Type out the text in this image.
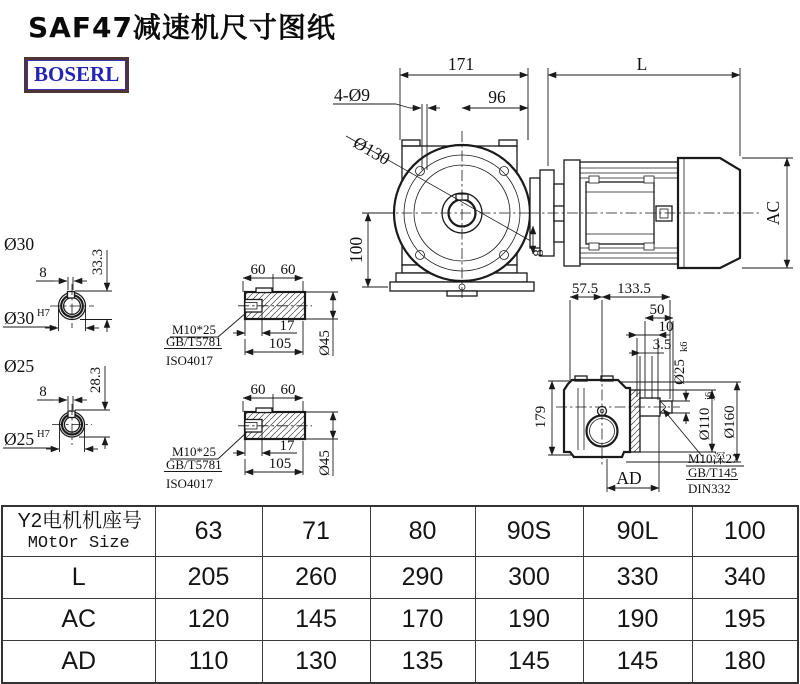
SAF47减速机尺寸图纸
BOSERL	171	L
96
4-Ø9
Ø130
100
AC
8
Ø30
8	33.3
Ø30 H7
Ø25
8	28.3
Ø25 H7
60 60
17
105
M10*25
GB/T5781
ISO4017
Ø45
60 60
17
105
M10*25
GB/T5781
ISO4017
Ø45
57.5 133.5
50
10
3.5
Ø25
k6
Ø110
j6
Ø160
179
AD
M10深27
GB/T145
DIN332
Y2电机机座号
MOtOr Size	63	71	80	90S	90L	100
L	205	260	290	300	330	340
AC	120	145	170	190	190	195
AD	110	130	135	145	145	180
